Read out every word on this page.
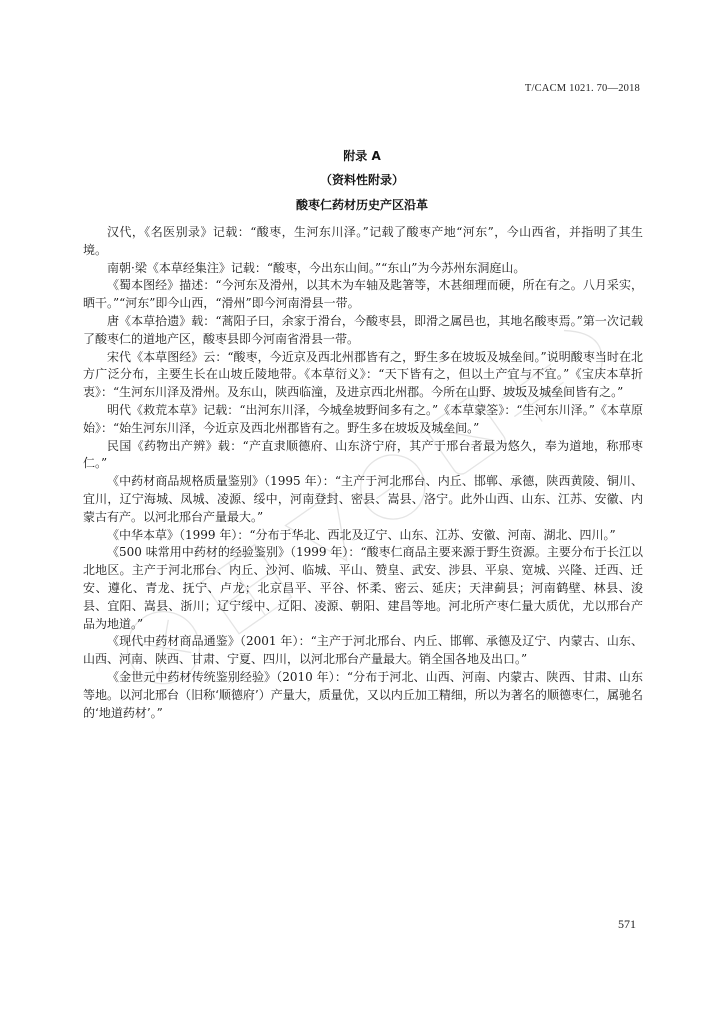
T/CACM 1021. 70—2018
附录 A
（资料性附录）
酸枣仁药材历史产区沿革

汉代，《名医别录》记载：“酸枣，生河东川泽。”记载了酸枣产地“河东”，今山西省，并指明了其生境。

南朝·梁《本草经集注》记载：“酸枣，今出东山间。”“东山”为今苏州东洞庭山。

《蜀本图经》描述：“今河东及滑州，以其木为车轴及匙箸等，木甚细理而硬，所在有之。八月采实，晒干。”“河东”即今山西，“滑州”即今河南滑县一带。

唐《本草拾遗》载：“蒿阳子曰，余家于滑台，今酸枣县，即滑之属邑也，其地名酸枣焉。”第一次记载了酸枣仁的道地产区，酸枣县即今河南省滑县一带。

宋代《本草图经》云：“酸枣，今近京及西北州郡皆有之，野生多在坡坂及城垒间。”说明酸枣当时在北方广泛分布，主要生长在山坡丘陵地带。《本草衍义》：“天下皆有之，但以土产宜与不宜。”《宝庆本草折衷》：“生河东川泽及滑州。及东山，陕西临潼，及进京西北州郡。今所在山野、坡坂及城垒间皆有之。”

明代《救荒本草》记载：“出河东川泽，今城垒坡野间多有之。”《本草蒙筌》：“生河东川泽。”《本草原始》：“始生河东川泽，今近京及西北州郡皆有之。野生多在坡坂及城垒间。”

民国《药物出产辨》载：“产直隶顺德府、山东济宁府，其产于邢台者最为悠久，奉为道地，称邢枣仁。”

《中药材商品规格质量鉴别》（1995 年）：“主产于河北邢台、内丘、邯郸、承德，陕西黄陵、铜川、宜川，辽宁海城、凤城、凌源、绥中，河南登封、密县、嵩县、洛宁。此外山西、山东、江苏、安徽、内蒙古有产。以河北邢台产量最大。”

《中华本草》（1999 年）：“分布于华北、西北及辽宁、山东、江苏、安徽、河南、湖北、四川。”

《500 味常用中药材的经验鉴别》（1999 年）：“酸枣仁商品主要来源于野生资源。主要分布于长江以北地区。主产于河北邢台、内丘、沙河、临城、平山、赞皇、武安、涉县、平泉、宽城、兴隆、迁西、迁安、遵化、青龙、抚宁、卢龙；北京昌平、平谷、怀柔、密云、延庆；天津蓟县；河南鹤壁、林县、浚县、宜阳、嵩县、浙川；辽宁绥中、辽阳、凌源、朝阳、建昌等地。河北所产枣仁量大质优，尤以邢台产品为地道。”

《现代中药材商品通鉴》（2001 年）：“主产于河北邢台、内丘、邯郸、承德及辽宁、内蒙古、山东、山西、河南、陕西、甘肃、宁夏、四川，以河北邢台产量最大。销全国各地及出口。”

《金世元中药材传统鉴别经验》（2010 年）：“分布于河北、山西、河南、内蒙古、陕西、甘肃、山东等地。以河北邢台（旧称‘顺德府’）产量大，质量优，又以内丘加工精细，所以为著名的顺德枣仁，属驰名的‘地道药材’。”

571
